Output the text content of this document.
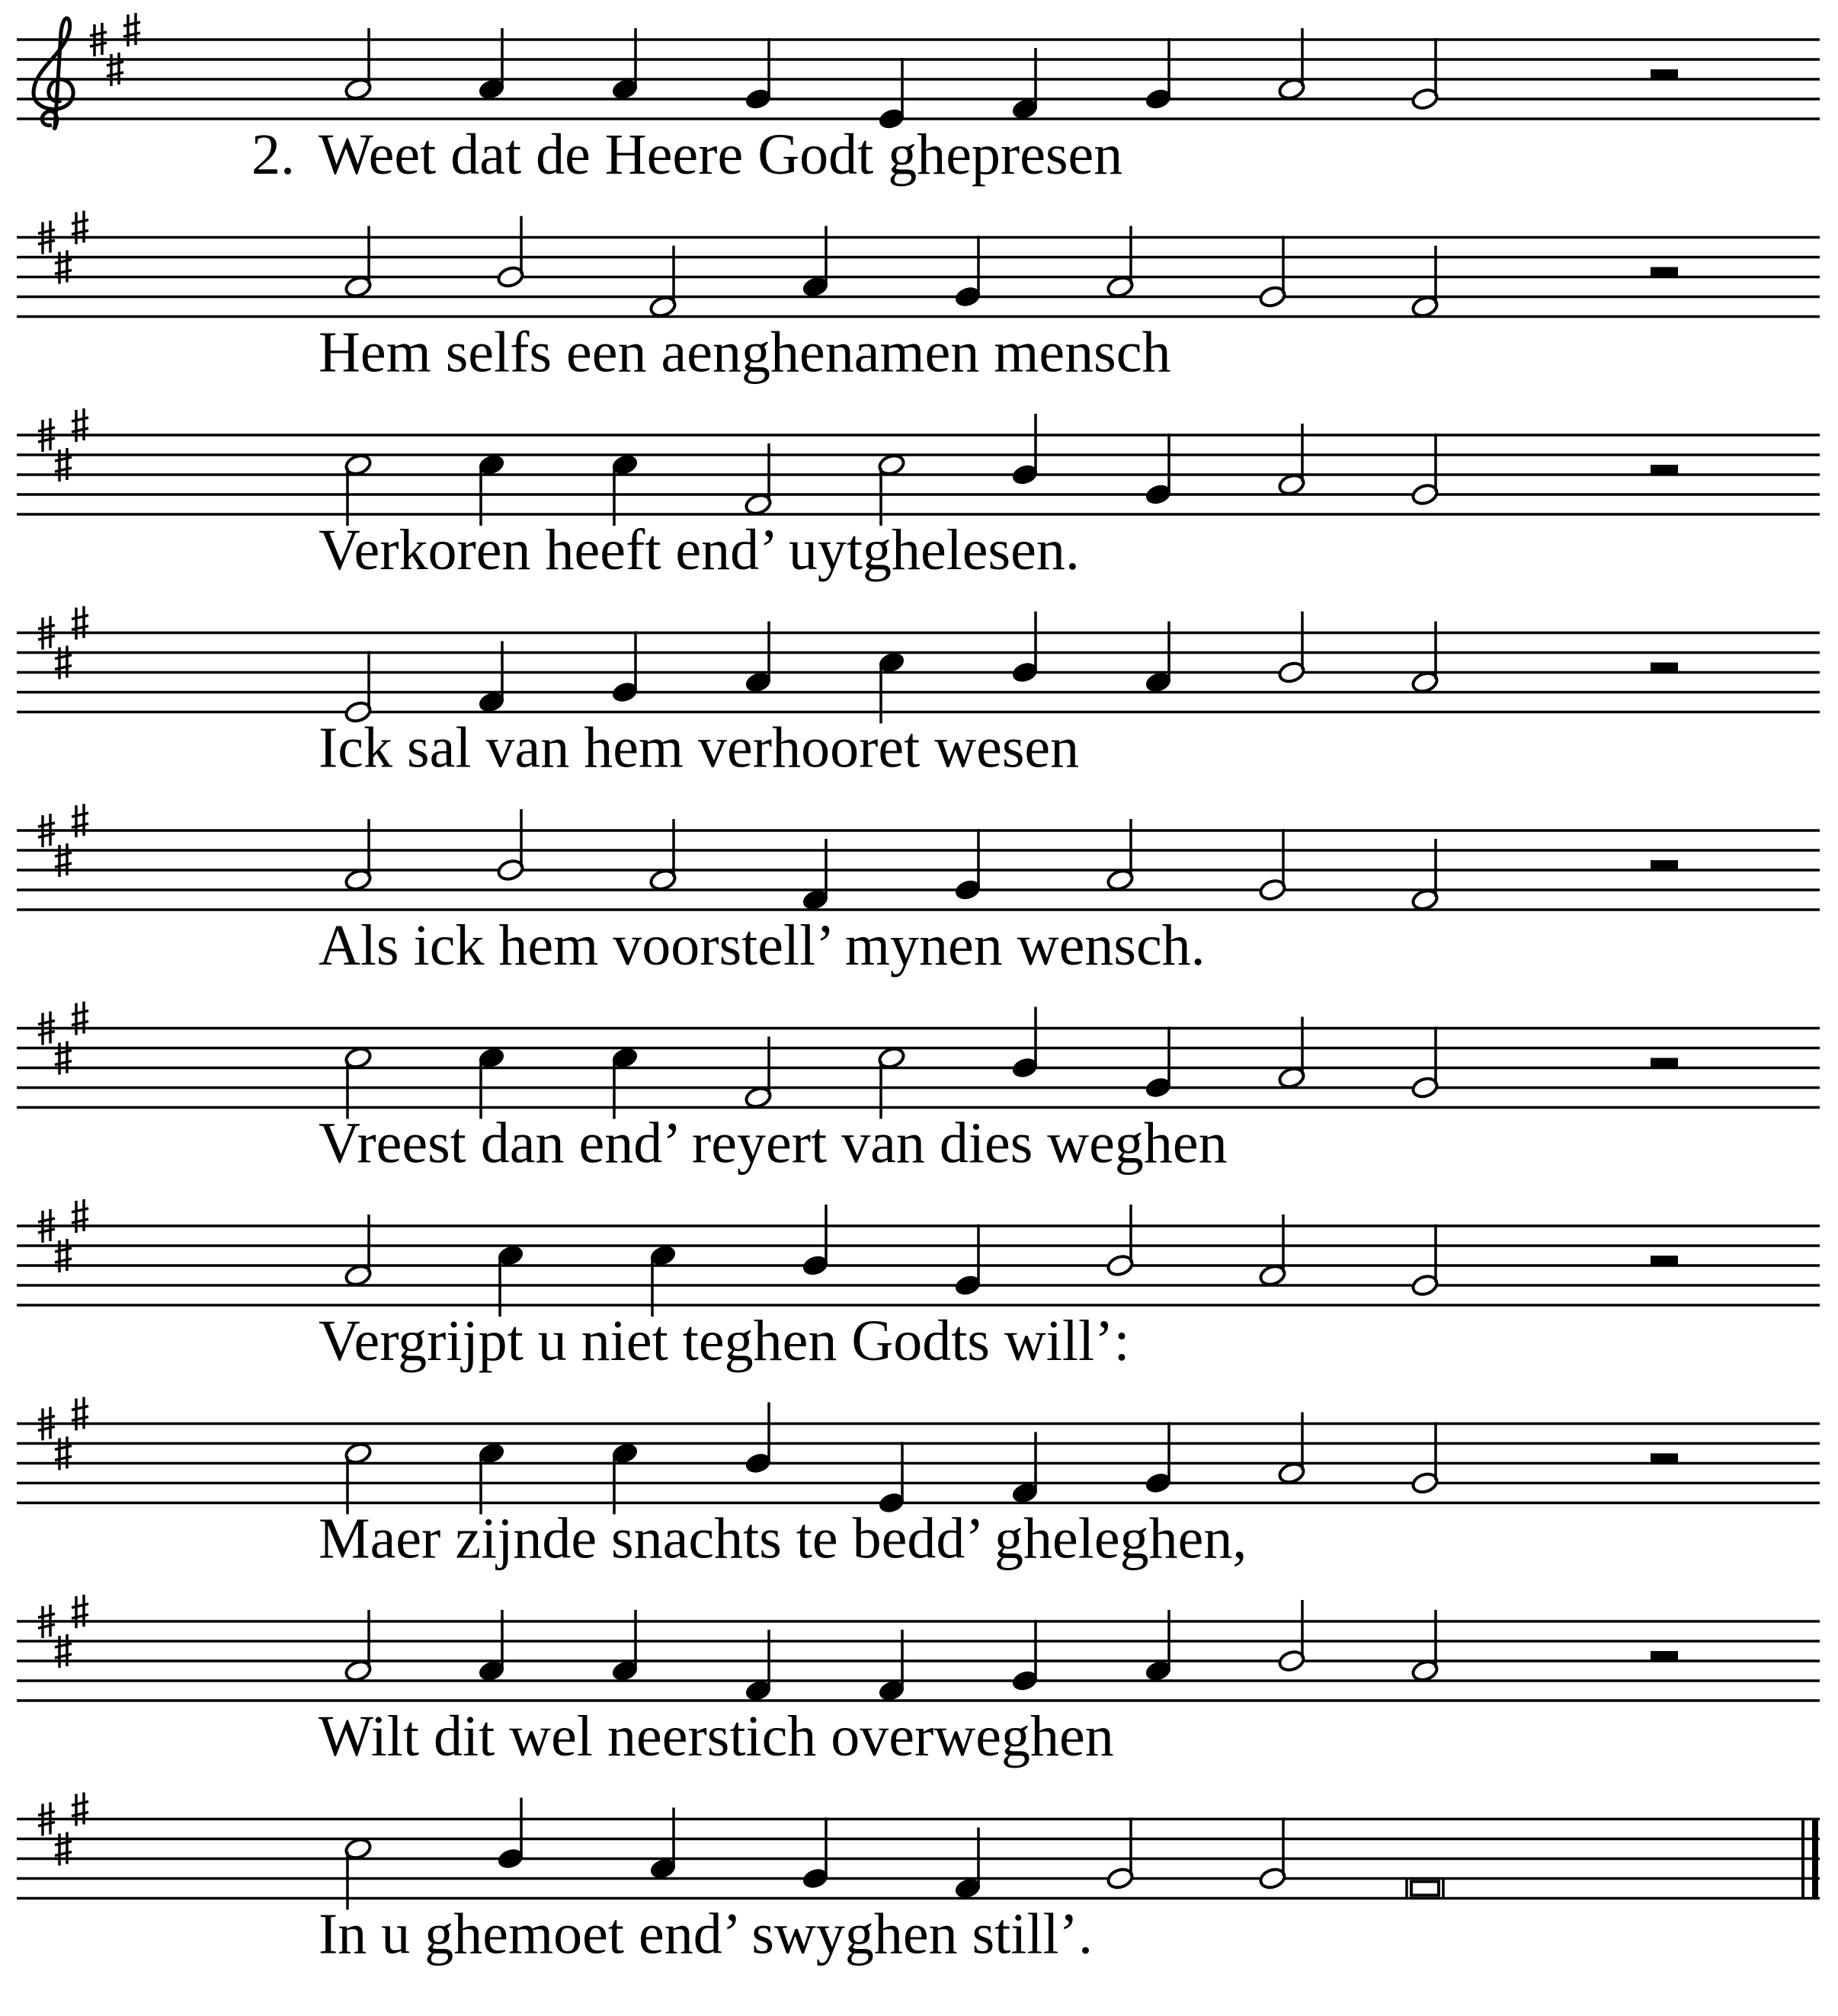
2. Weet dat de Heere Godt ghepresen
Hem selfs een aenghenamen mensch
Verkoren heeft end’ uytghelesen.
Ick sal van hem verhooret wesen
Als ick hem voorstell’ mynen wensch.
Vreest dan end’ reyert van dies weghen
Vergrijpt u niet teghen Godts will’:
Maer zijnde snachts te bedd’ gheleghen,
Wilt dit wel neerstich overweghen
In u ghemoet end’ swyghen still’.
